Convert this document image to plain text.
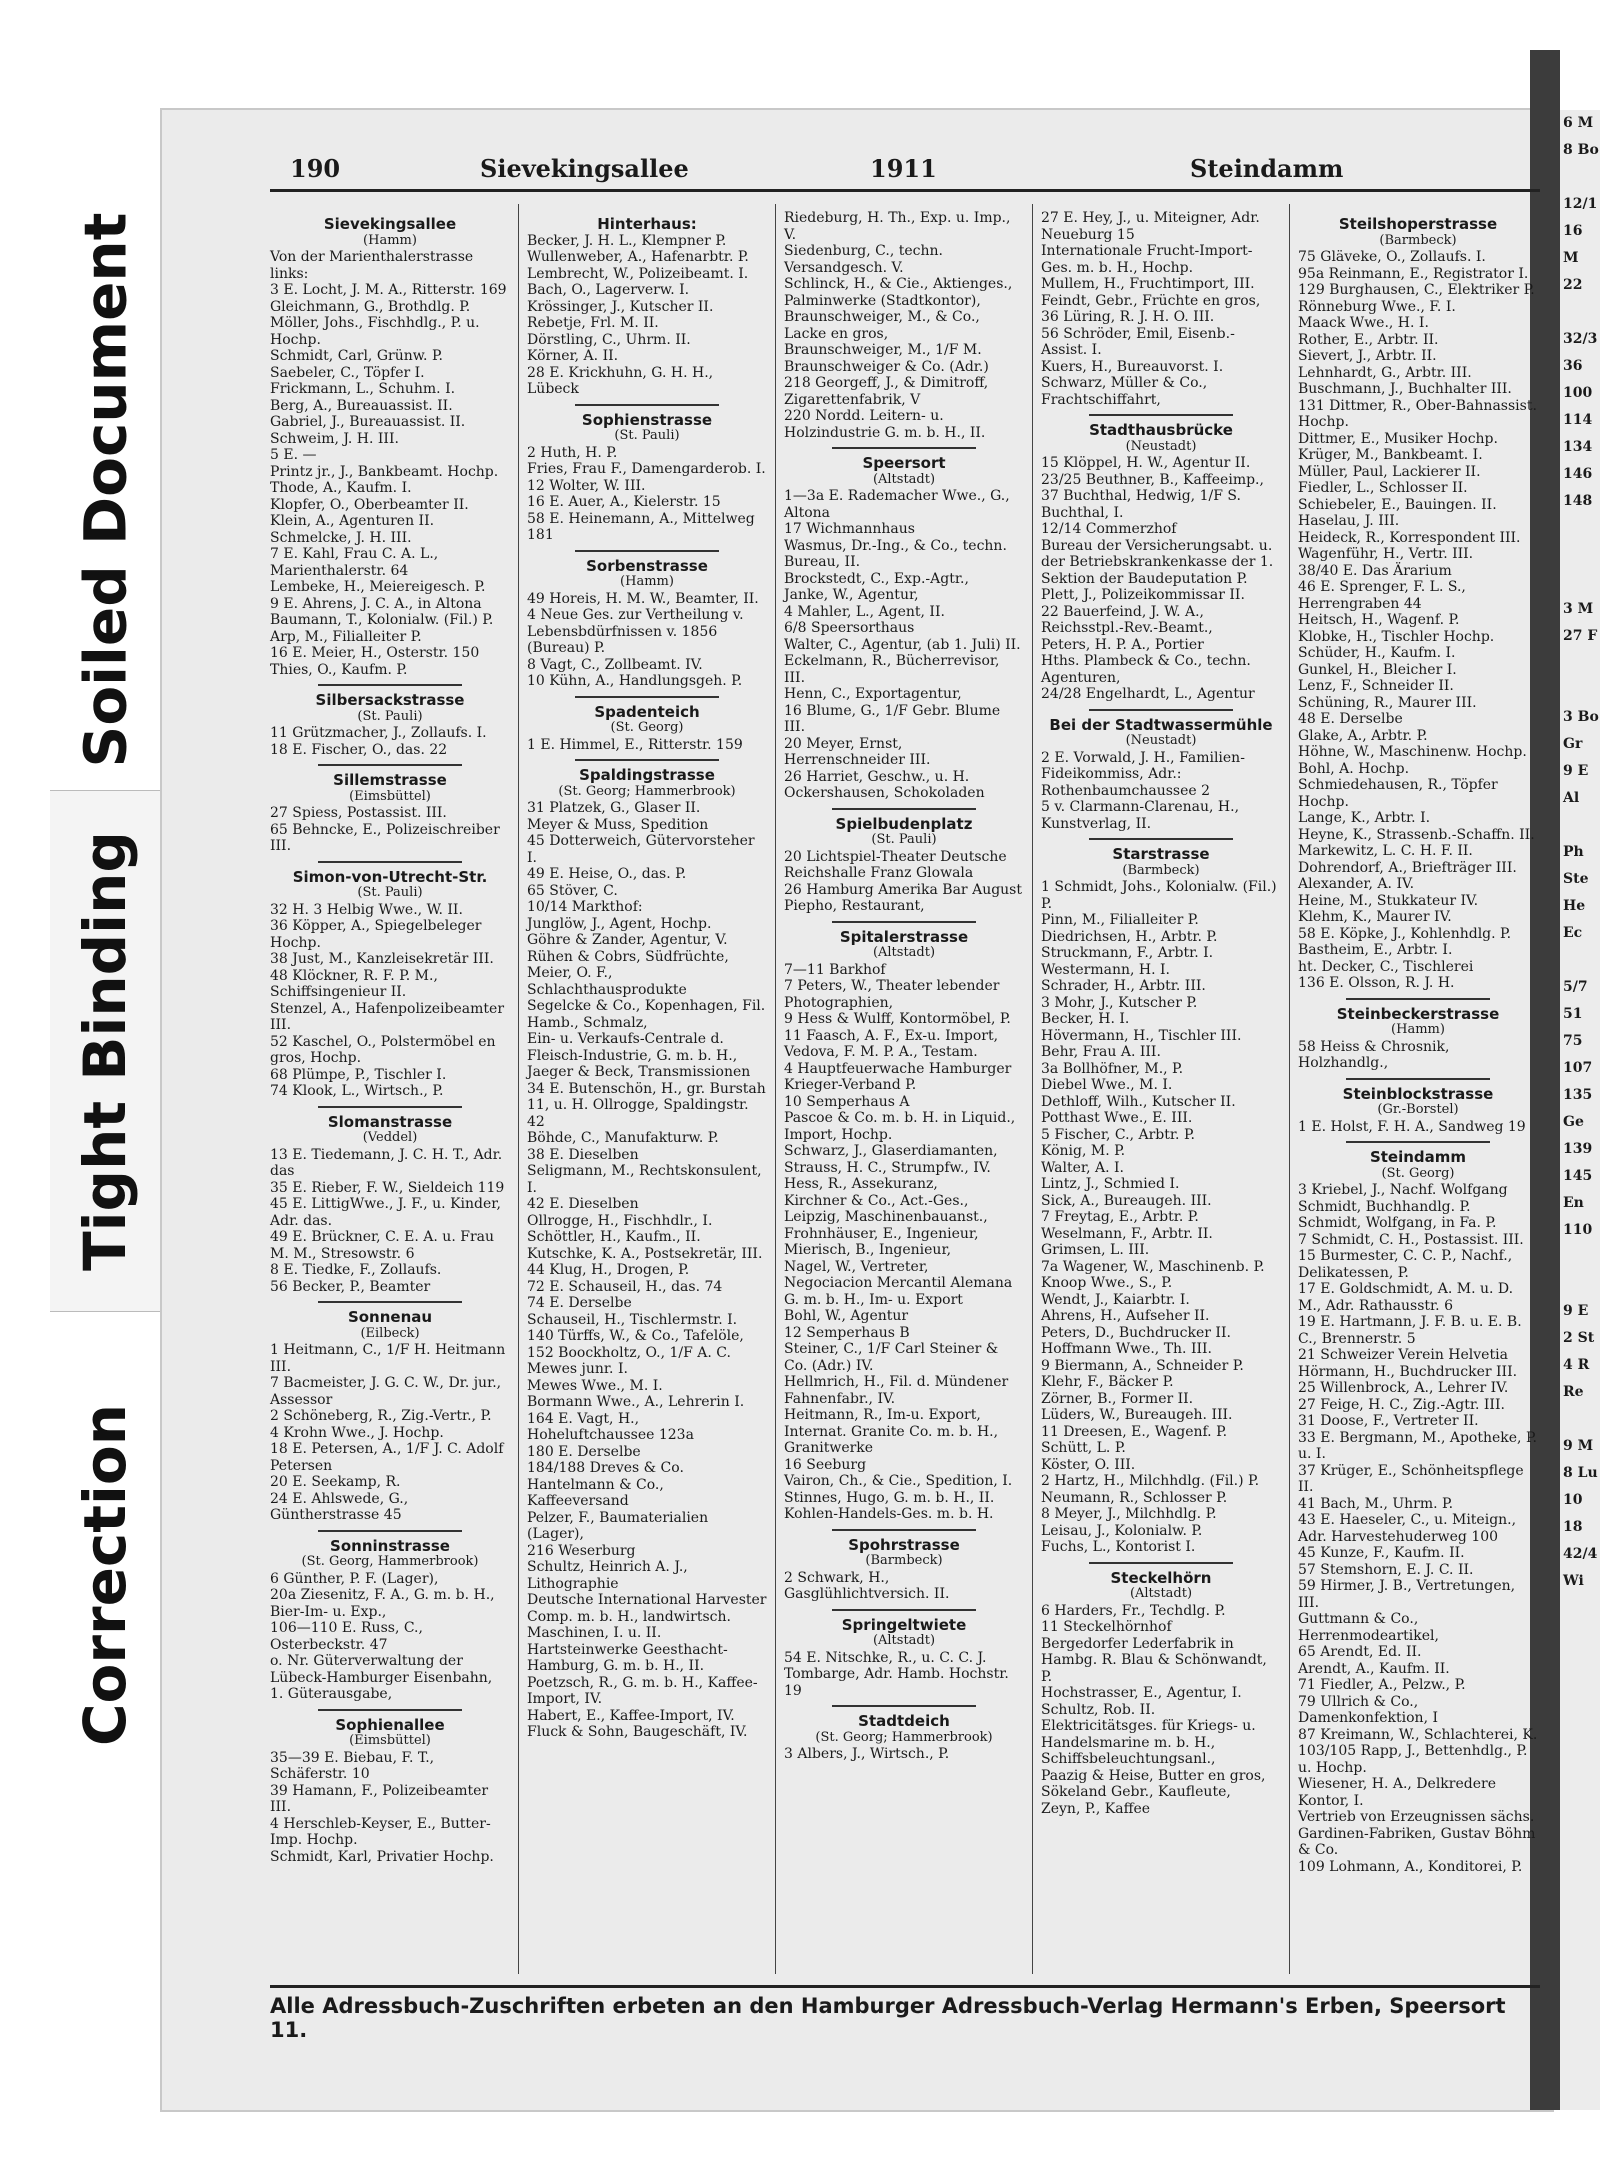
Soiled Document
Tight Binding
Correction
6 M
8 Bo

12/1
16 M
22

32/3
36
100
114
134
146
148

3 M
27 F

3 Bo
Gr
9 E
Al

Ph
Ste
He
Ec

5/7
51
75
107
135
Ge
139
145
En
110

9 E
2 St
4 R
Re

9 M
8 Lu
10
18
42/4
Wi
190	Sievekingsallee	1911	Steindamm
Sievekingsallee
(Hamm)
Von der Marienthalerstrasse links:
3 E. Locht, J. M. A., Ritterstr. 169
Gleichmann, G., Brothdlg. P.
Möller, Johs., Fischhdlg., P. u. Hochp.
Schmidt, Carl, Grünw. P.
Saebeler, C., Töpfer I.
Frickmann, L., Schuhm. I.
Berg, A., Bureauassist. II.
Gabriel, J., Bureauassist. II.
Schweim, J. H. III.
5 E. —
Printz jr., J., Bankbeamt. Hochp.
Thode, A., Kaufm. I.
Klopfer, O., Oberbeamter II.
Klein, A., Agenturen II.
Schmelcke, J. H. III.
7 E. Kahl, Frau C. A. L., Marienthalerstr. 64
Lembeke, H., Meiereigesch. P.
9 E. Ahrens, J. C. A., in Altona
Baumann, T., Kolonialw. (Fil.) P.
Arp, M., Filialleiter P.
16 E. Meier, H., Osterstr. 150
Thies, O., Kaufm. P.
Silbersackstrasse
(St. Pauli)
11 Grützmacher, J., Zollaufs. I.
18 E. Fischer, O., das. 22
Sillemstrasse
(Eimsbüttel)
27 Spiess, Postassist. III.
65 Behncke, E., Polizeischreiber III.
Simon-von-Utrecht-Str.
(St. Pauli)
32 H. 3 Helbig Wwe., W. II.
36 Köpper, A., Spiegelbeleger Hochp.
38 Just, M., Kanzleisekretär III.
48 Klöckner, R. F. P. M., Schiffsingenieur II.
Stenzel, A., Hafenpolizeibeamter III.
52 Kaschel, O., Polstermöbel en gros, Hochp.
68 Plümpe, P., Tischler I.
74 Klook, L., Wirtsch., P.
Slomanstrasse
(Veddel)
13 E. Tiedemann, J. C. H. T., Adr. das
35 E. Rieber, F. W., Sieldeich 119
45 E. LittigWwe., J. F., u. Kinder, Adr. das.
49 E. Brückner, C. E. A. u. Frau M. M., Stresowstr. 6
8 E. Tiedke, F., Zollaufs.
56 Becker, P., Beamter
Sonnenau
(Eilbeck)
1 Heitmann, C., 1/F H. Heitmann III.
7 Bacmeister, J. G. C. W., Dr. jur., Assessor
2 Schöneberg, R., Zig.-Vertr., P.
4 Krohn Wwe., J. Hochp.
18 E. Petersen, A., 1/F J. C. Adolf Petersen
20 E. Seekamp, R.
24 E. Ahlswede, G., Güntherstrasse 45
Sonninstrasse
(St. Georg, Hammerbrook)
6 Günther, P. F. (Lager),
20a Ziesenitz, F. A., G. m. b. H., Bier-Im- u. Exp.,
106—110 E. Russ, C., Osterbeckstr. 47
o. Nr. Güterverwaltung der Lübeck-Hamburger Eisenbahn, 1. Güterausgabe,
Sophienallee
(Eimsbüttel)
35—39 E. Biebau, F. T., Schäferstr. 10
39 Hamann, F., Polizeibeamter III.
4 Herschleb-Keyser, E., Butter-Imp. Hochp.
Schmidt, Karl, Privatier Hochp.
Hinterhaus:
Becker, J. H. L., Klempner P.
Wullenweber, A., Hafenarbtr. P.
Lembrecht, W., Polizeibeamt. I.
Bach, O., Lagerverw. I.
Krössinger, J., Kutscher II.
Rebetje, Frl. M. II.
Dörstling, C., Uhrm. II.
Körner, A. II.
28 E. Krickhuhn, G. H. H., Lübeck
Sophienstrasse
(St. Pauli)
2 Huth, H. P.
Fries, Frau F., Damengarderob. I.
12 Wolter, W. III.
16 E. Auer, A., Kielerstr. 15
58 E. Heinemann, A., Mittelweg 181
Sorbenstrasse
(Hamm)
49 Horeis, H. M. W., Beamter, II.
4 Neue Ges. zur Vertheilung v. Lebensbdürfnissen v. 1856 (Bureau) P.
8 Vagt, C., Zollbeamt. IV.
10 Kühn, A., Handlungsgeh. P.
Spadenteich
(St. Georg)
1 E. Himmel, E., Ritterstr. 159
Spaldingstrasse
(St. Georg; Hammerbrook)
31 Platzek, G., Glaser II.
Meyer & Muss, Spedition
45 Dotterweich, Gütervorsteher I.
49 E. Heise, O., das. P.
65 Stöver, C.
10/14 Markthof:
Junglöw, J., Agent, Hochp.
Göhre & Zander, Agentur, V.
Rühen & Cobrs, Südfrüchte,
Meier, O. F., Schlachthausprodukte
Segelcke & Co., Kopenhagen, Fil. Hamb., Schmalz,
Ein- u. Verkaufs-Centrale d. Fleisch-Industrie, G. m. b. H.,
Jaeger & Beck, Transmissionen
34 E. Butenschön, H., gr. Burstah 11, u. H. Ollrogge, Spaldingstr. 42
Böhde, C., Manufakturw. P.
38 E. Dieselben
Seligmann, M., Rechtskonsulent, I.
42 E. Dieselben
Ollrogge, H., Fischhdlr., I.
Schöttler, H., Kaufm., II.
Kutschke, K. A., Postsekretär, III.
44 Klug, H., Drogen, P.
72 E. Schauseil, H., das. 74
74 E. Derselbe
Schauseil, H., Tischlermstr. I.
140 Türffs, W., & Co., Tafelöle,
152 Boockholtz, O., 1/F A. C. Mewes junr. I.
Mewes Wwe., M. I.
Bormann Wwe., A., Lehrerin I.
164 E. Vagt, H., Hoheluftchaussee 123a
180 E. Derselbe
184/188 Dreves & Co.
Hantelmann & Co., Kaffeeversand
Pelzer, F., Baumaterialien (Lager),
216 Weserburg
Schultz, Heinrich A. J., Lithographie
Deutsche International Harvester Comp. m. b. H., landwirtsch. Maschinen, I. u. II.
Hartsteinwerke Geesthacht-Hamburg, G. m. b. H., II.
Poetzsch, R., G. m. b. H., Kaffee-Import, IV.
Habert, E., Kaffee-Import, IV.
Fluck & Sohn, Baugeschäft, IV.
Riedeburg, H. Th., Exp. u. Imp., V.
Siedenburg, C., techn. Versandgesch. V.
Schlinck, H., & Cie., Aktienges., Palminwerke (Stadtkontor),
Braunschweiger, M., & Co., Lacke en gros,
Braunschweiger, M., 1/F M. Braunschweiger & Co. (Adr.)
218 Georgeff, J., & Dimitroff, Zigarettenfabrik, V
220 Nordd. Leitern- u. Holzindustrie G. m. b. H., II.
Speersort
(Altstadt)
1—3a E. Rademacher Wwe., G., Altona
17 Wichmannhaus
Wasmus, Dr.-Ing., & Co., techn. Bureau, II.
Brockstedt, C., Exp.-Agtr.,
Janke, W., Agentur,
4 Mahler, L., Agent, II.
6/8 Speersorthaus
Walter, C., Agentur, (ab 1. Juli) II.
Eckelmann, R., Bücherrevisor, III.
Henn, C., Exportagentur,
16 Blume, G., 1/F Gebr. Blume III.
20 Meyer, Ernst, Herrenschneider III.
26 Harriet, Geschw., u. H. Ockershausen, Schokoladen
Spielbudenplatz
(St. Pauli)
20 Lichtspiel-Theater Deutsche Reichshalle Franz Glowala
26 Hamburg Amerika Bar August Piepho, Restaurant,
Spitalerstrasse
(Altstadt)
7—11 Barkhof
7 Peters, W., Theater lebender Photographien,
9 Hess & Wulff, Kontormöbel, P.
11 Faasch, A. F., Ex-u. Import,
Vedova, F. M. P. A., Testam.
4 Hauptfeuerwache Hamburger Krieger-Verband P.
10 Semperhaus A
Pascoe & Co. m. b. H. in Liquid., Import, Hochp.
Schwarz, J., Glaserdiamanten,
Strauss, H. C., Strumpfw., IV.
Hess, R., Assekuranz,
Kirchner & Co., Act.-Ges., Leipzig, Maschinenbauanst.,
Frohnhäuser, E., Ingenieur,
Mierisch, B., Ingenieur,
Nagel, W., Vertreter,
Negociacion Mercantil Alemana G. m. b. H., Im- u. Export
Bohl, W., Agentur
12 Semperhaus B
Steiner, C., 1/F Carl Steiner & Co. (Adr.) IV.
Hellmrich, H., Fil. d. Mündener Fahnenfabr., IV.
Heitmann, R., Im-u. Export,
Internat. Granite Co. m. b. H., Granitwerke
16 Seeburg
Vairon, Ch., & Cie., Spedition, I.
Stinnes, Hugo, G. m. b. H., II.
Kohlen-Handels-Ges. m. b. H.
Spohrstrasse
(Barmbeck)
2 Schwark, H., Gasglühlichtversich. II.
Springeltwiete
(Altstadt)
54 E. Nitschke, R., u. C. C. J. Tombarge, Adr. Hamb. Hochstr. 19
Stadtdeich
(St. Georg; Hammerbrook)
3 Albers, J., Wirtsch., P.
27 E. Hey, J., u. Miteigner, Adr. Neueburg 15
Internationale Frucht-Import-Ges. m. b. H., Hochp.
Mullem, H., Fruchtimport, III.
Feindt, Gebr., Früchte en gros,
36 Lüring, R. J. H. O. III.
56 Schröder, Emil, Eisenb.-Assist. I.
Kuers, H., Bureauvorst. I.
Schwarz, Müller & Co., Frachtschiffahrt,
Stadthausbrücke
(Neustadt)
15 Klöppel, H. W., Agentur II.
23/25 Beuthner, B., Kaffeeimp.,
37 Buchthal, Hedwig, 1/F S. Buchthal, I.
12/14 Commerzhof
Bureau der Versicherungsabt. u. der Betriebskrankenkasse der 1. Sektion der Baudeputation P.
Plett, J., Polizeikommissar II.
22 Bauerfeind, J. W. A., Reichsstpl.-Rev.-Beamt.,
Peters, H. P. A., Portier
Hths. Plambeck & Co., techn. Agenturen,
24/28 Engelhardt, L., Agentur
Bei der Stadtwassermühle
(Neustadt)
2 E. Vorwald, J. H., Familien-Fideikommiss, Adr.: Rothenbaumchaussee 2
5 v. Clarmann-Clarenau, H., Kunstverlag, II.
Starstrasse
(Barmbeck)
1 Schmidt, Johs., Kolonialw. (Fil.) P.
Pinn, M., Filialleiter P.
Diedrichsen, H., Arbtr. P.
Struckmann, F., Arbtr. I.
Westermann, H. I.
Schrader, H., Arbtr. III.
3 Mohr, J., Kutscher P.
Becker, H. I.
Hövermann, H., Tischler III.
Behr, Frau A. III.
3a Bollhöfner, M., P.
Diebel Wwe., M. I.
Dethloff, Wilh., Kutscher II.
Potthast Wwe., E. III.
5 Fischer, C., Arbtr. P.
König, M. P.
Walter, A. I.
Lintz, J., Schmied I.
Sick, A., Bureaugeh. III.
7 Freytag, E., Arbtr. P.
Weselmann, F., Arbtr. II.
Grimsen, L. III.
7a Wagener, W., Maschinenb. P.
Knoop Wwe., S., P.
Wendt, J., Kaiarbtr. I.
Ahrens, H., Aufseher II.
Peters, D., Buchdrucker II.
Hoffmann Wwe., Th. III.
9 Biermann, A., Schneider P.
Klehr, F., Bäcker P.
Zörner, B., Former II.
Lüders, W., Bureaugeh. III.
11 Dreesen, E., Wagenf. P.
Schütt, L. P.
Köster, O. III.
2 Hartz, H., Milchhdlg. (Fil.) P.
Neumann, R., Schlosser P.
8 Meyer, J., Milchhdlg. P.
Leisau, J., Kolonialw. P.
Fuchs, L., Kontorist I.
Steckelhörn
(Altstadt)
6 Harders, Fr., Techdlg. P.
11 Steckelhörnhof
Bergedorfer Lederfabrik in Hambg. R. Blau & Schönwandt, P.
Hochstrasser, E., Agentur, I.
Schultz, Rob. II.
Elektricitätsges. für Kriegs- u. Handelsmarine m. b. H., Schiffsbeleuchtungsanl.,
Paazig & Heise, Butter en gros,
Sökeland Gebr., Kaufleute,
Zeyn, P., Kaffee
Steilshoperstrasse
(Barmbeck)
75 Gläveke, O., Zollaufs. I.
95a Reinmann, E., Registrator I.
129 Burghausen, C., Elektriker P.
Rönneburg Wwe., F. I.
Maack Wwe., H. I.
Rother, E., Arbtr. II.
Sievert, J., Arbtr. II.
Lehnhardt, G., Arbtr. III.
Buschmann, J., Buchhalter III.
131 Dittmer, R., Ober-Bahnassist. Hochp.
Dittmer, E., Musiker Hochp.
Krüger, M., Bankbeamt. I.
Müller, Paul, Lackierer II.
Fiedler, L., Schlosser II.
Schiebeler, E., Bauingen. II.
Haselau, J. III.
Heideck, R., Korrespondent III.
Wagenführ, H., Vertr. III.
38/40 E. Das Ärarium
46 E. Sprenger, F. L. S., Herrengraben 44
Heitsch, H., Wagenf. P.
Klobke, H., Tischler Hochp.
Schüder, H., Kaufm. I.
Gunkel, H., Bleicher I.
Lenz, F., Schneider II.
Schüning, R., Maurer III.
48 E. Derselbe
Glake, A., Arbtr. P.
Höhne, W., Maschinenw. Hochp.
Bohl, A. Hochp.
Schmiedehausen, R., Töpfer Hochp.
Lange, K., Arbtr. I.
Heyne, K., Strassenb.-Schaffn. II.
Markewitz, L. C. H. F. II.
Dohrendorf, A., Briefträger III.
Alexander, A. IV.
Heine, M., Stukkateur IV.
Klehm, K., Maurer IV.
58 E. Köpke, J., Kohlenhdlg. P.
Bastheim, E., Arbtr. I.
ht. Decker, C., Tischlerei
136 E. Olsson, R. J. H.
Steinbeckerstrasse
(Hamm)
58 Heiss & Chrosnik, Holzhandlg.,
Steinblockstrasse
(Gr.-Borstel)
1 E. Holst, F. H. A., Sandweg 19
Steindamm
(St. Georg)
3 Kriebel, J., Nachf. Wolfgang Schmidt, Buchhandlg. P.
Schmidt, Wolfgang, in Fa. P.
7 Schmidt, C. H., Postassist. III.
15 Burmester, C. C. P., Nachf., Delikatessen, P.
17 E. Goldschmidt, A. M. u. D. M., Adr. Rathausstr. 6
19 E. Hartmann, J. F. B. u. E. B. C., Brennerstr. 5
21 Schweizer Verein Helvetia
Hörmann, H., Buchdrucker III.
25 Willenbrock, A., Lehrer IV.
27 Feige, H. C., Zig.-Agtr. III.
31 Doose, F., Vertreter II.
33 E. Bergmann, M., Apotheke, P. u. I.
37 Krüger, E., Schönheitspflege II.
41 Bach, M., Uhrm. P.
43 E. Haeseler, C., u. Miteign., Adr. Harvestehuderweg 100
45 Kunze, F., Kaufm. II.
57 Stemshorn, E. J. C. II.
59 Hirmer, J. B., Vertretungen, III.
Guttmann & Co., Herrenmodeartikel,
65 Arendt, Ed. II.
Arendt, A., Kaufm. II.
71 Fiedler, A., Pelzw., P.
79 Ullrich & Co., Damenkonfektion, I
87 Kreimann, W., Schlachterei, K.
103/105 Rapp, J., Bettenhdlg., P. u. Hochp.
Wiesener, H. A., Delkredere Kontor, I.
Vertrieb von Erzeugnissen sächs. Gardinen-Fabriken, Gustav Böhm & Co.
109 Lohmann, A., Konditorei, P.
Alle Adressbuch-Zuschriften erbeten an den Hamburger Adressbuch-Verlag Hermann's Erben, Speersort 11.
